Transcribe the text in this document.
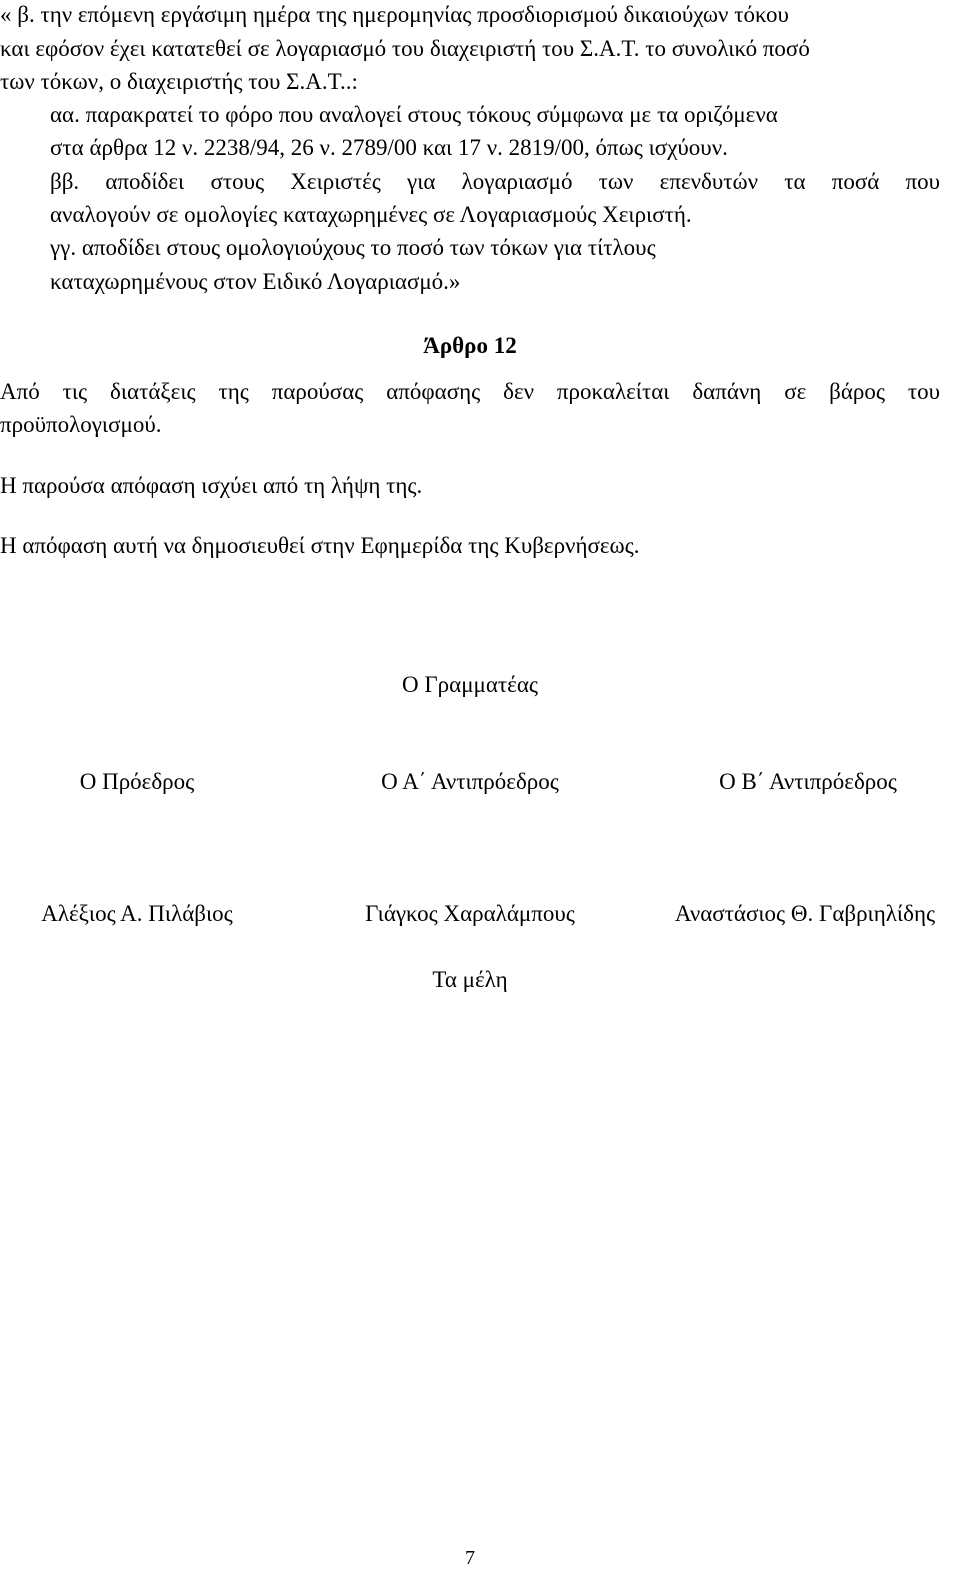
« β. την επόμενη εργάσιμη ημέρα της ημερομηνίας προσδιορισμού δικαιούχων τόκου
και εφόσον έχει κατατεθεί σε λογαριασμό του διαχειριστή του Σ.Α.Τ. το συνολικό ποσό
των τόκων, ο διαχειριστής του Σ.Α.Τ..:
αα. παρακρατεί το φόρο που αναλογεί στους τόκους σύμφωνα με τα οριζόμενα
στα άρθρα 12 ν. 2238/94, 26 ν. 2789/00 και 17 ν. 2819/00, όπως ισχύουν.
ββ. αποδίδει στους Χειριστές για λογαριασμό των επενδυτών τα ποσά που
αναλογούν σε ομολογίες καταχωρημένες σε Λογαριασμούς Χειριστή.
γγ. αποδίδει στους ομολογιούχους το ποσό των τόκων για τίτλους
καταχωρημένους στον Ειδικό Λογαριασμό.»
Άρθρο 12
Από τις διατάξεις της παρούσας απόφασης δεν προκαλείται δαπάνη σε βάρος του
προϋπολογισμού.
Η παρούσα απόφαση ισχύει από τη λήψη της.
Η απόφαση αυτή να δημοσιευθεί στην Εφημερίδα της Κυβερνήσεως.
Ο Γραμματέας
Ο Πρόεδρος	Ο Α΄ Αντιπρόεδρος	Ο Β΄ Αντιπρόεδρος
Αλέξιος Α. Πιλάβιος	Γιάγκος Χαραλάμπους	Αναστάσιος Θ. Γαβριηλίδης
Τα μέλη
7
